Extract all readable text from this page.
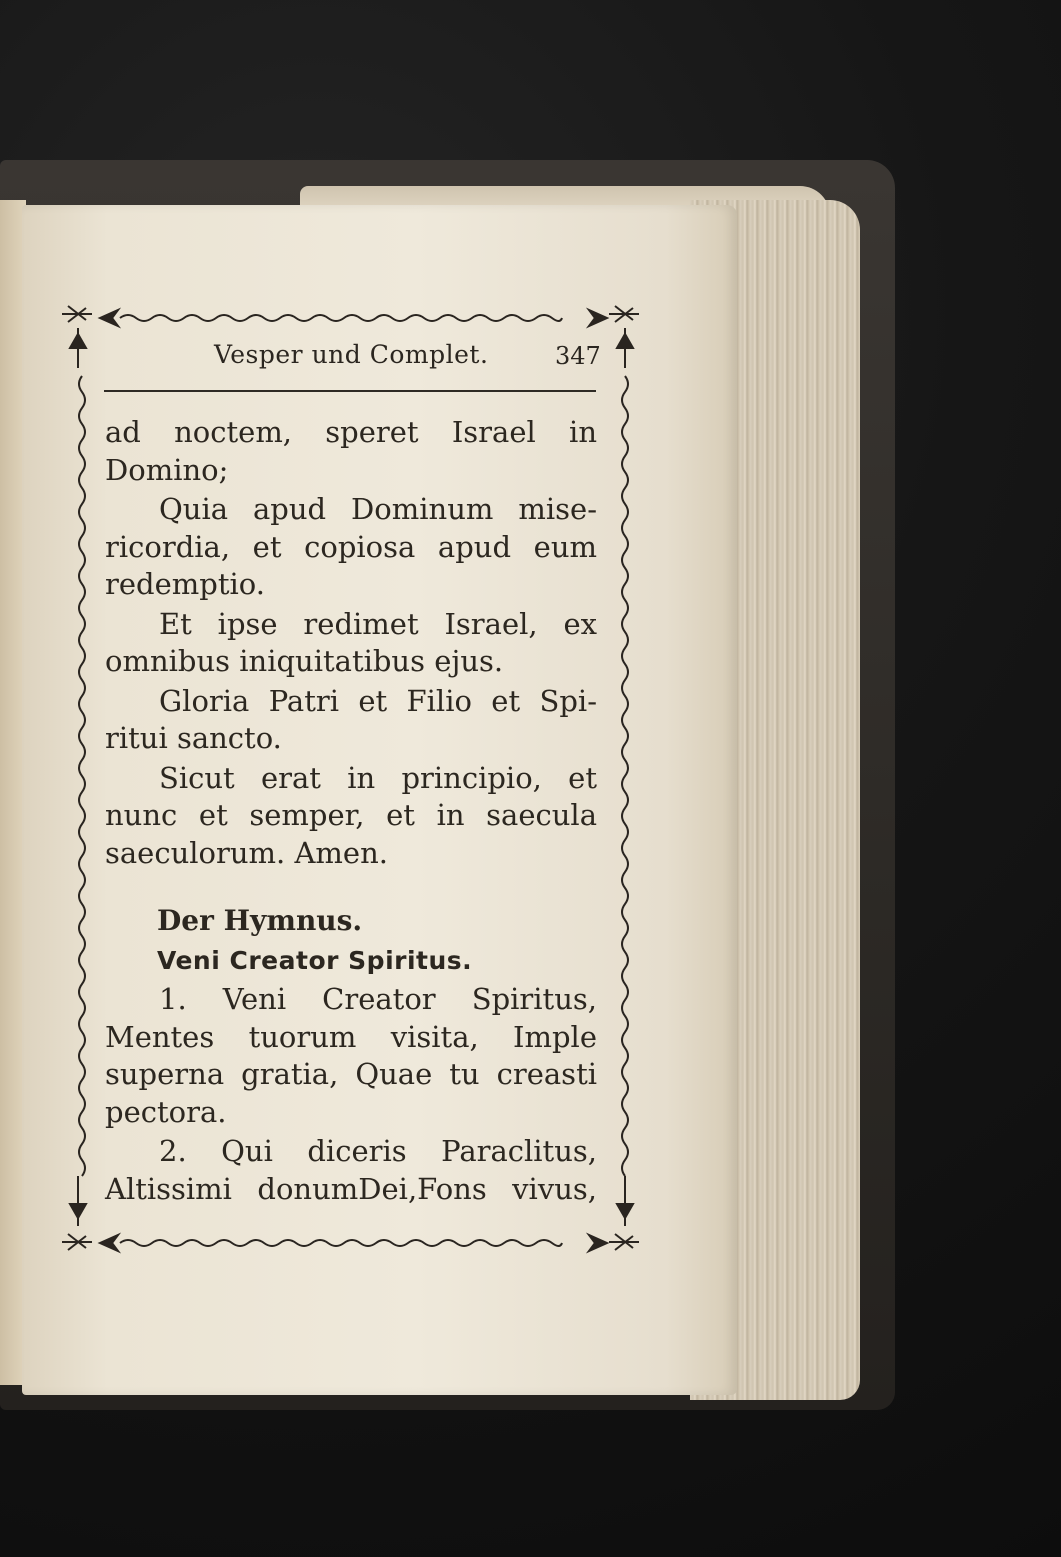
Vesper und Complet.	347

ad noctem, speret Israel in

Domino;

Quia apud Dominum mise-

ricordia, et copiosa apud eum

redemptio.

Et ipse redimet Israel, ex

omnibus iniquitatibus ejus.

Gloria Patri et Filio et Spi-

ritui sancto.

Sicut erat in principio, et

nunc et semper, et in saecula

saeculorum. Amen.

Der Hymnus.

Veni Creator Spiritus.

1. Veni Creator Spiritus,

Mentes tuorum visita, Imple

superna gratia, Quae tu creasti

pectora.

2. Qui diceris Paraclitus,

Altissimi donumDei,Fons vivus,
